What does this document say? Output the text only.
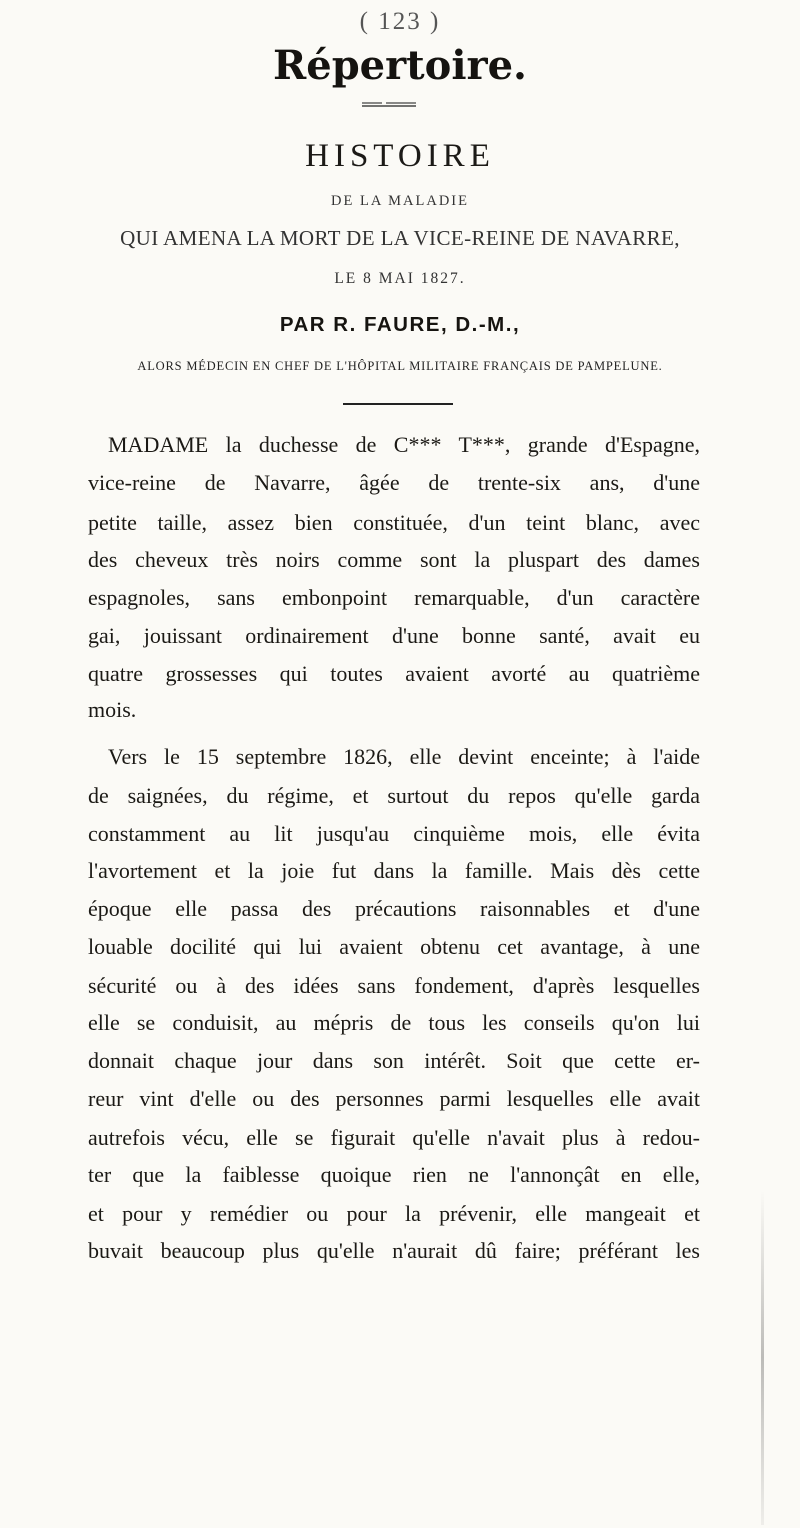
( 123 )
Répertoire.
HISTOIRE
DE LA MALADIE
QUI AMENA LA MORT DE LA VICE-REINE DE NAVARRE,
LE 8 MAI 1827.
PAR R. FAURE, D.-M.,
ALORS MÉDECIN EN CHEF DE L'HÔPITAL MILITAIRE FRANÇAIS DE PAMPELUNE.
MADAME la duchesse de C*** T***, grande d'Espagne,
vice-reine de Navarre, âgée de trente-six ans, d'une
petite taille, assez bien constituée, d'un teint blanc, avec
des cheveux très noirs comme sont la pluspart des dames
espagnoles, sans embonpoint remarquable, d'un caractère
gai, jouissant ordinairement d'une bonne santé, avait eu
quatre grossesses qui toutes avaient avorté au quatrième
mois.
Vers le 15 septembre 1826, elle devint enceinte; à l'aide
de saignées, du régime, et surtout du repos qu'elle garda
constamment au lit jusqu'au cinquième mois, elle évita
l'avortement et la joie fut dans la famille. Mais dès cette
époque elle passa des précautions raisonnables et d'une
louable docilité qui lui avaient obtenu cet avantage, à une
sécurité ou à des idées sans fondement, d'après lesquelles
elle se conduisit, au mépris de tous les conseils qu'on lui
donnait chaque jour dans son intérêt. Soit que cette er-
reur vint d'elle ou des personnes parmi lesquelles elle avait
autrefois vécu, elle se figurait qu'elle n'avait plus à redou-
ter que la faiblesse quoique rien ne l'annonçât en elle,
et pour y remédier ou pour la prévenir, elle mangeait et
buvait beaucoup plus qu'elle n'aurait dû faire; préférant les
